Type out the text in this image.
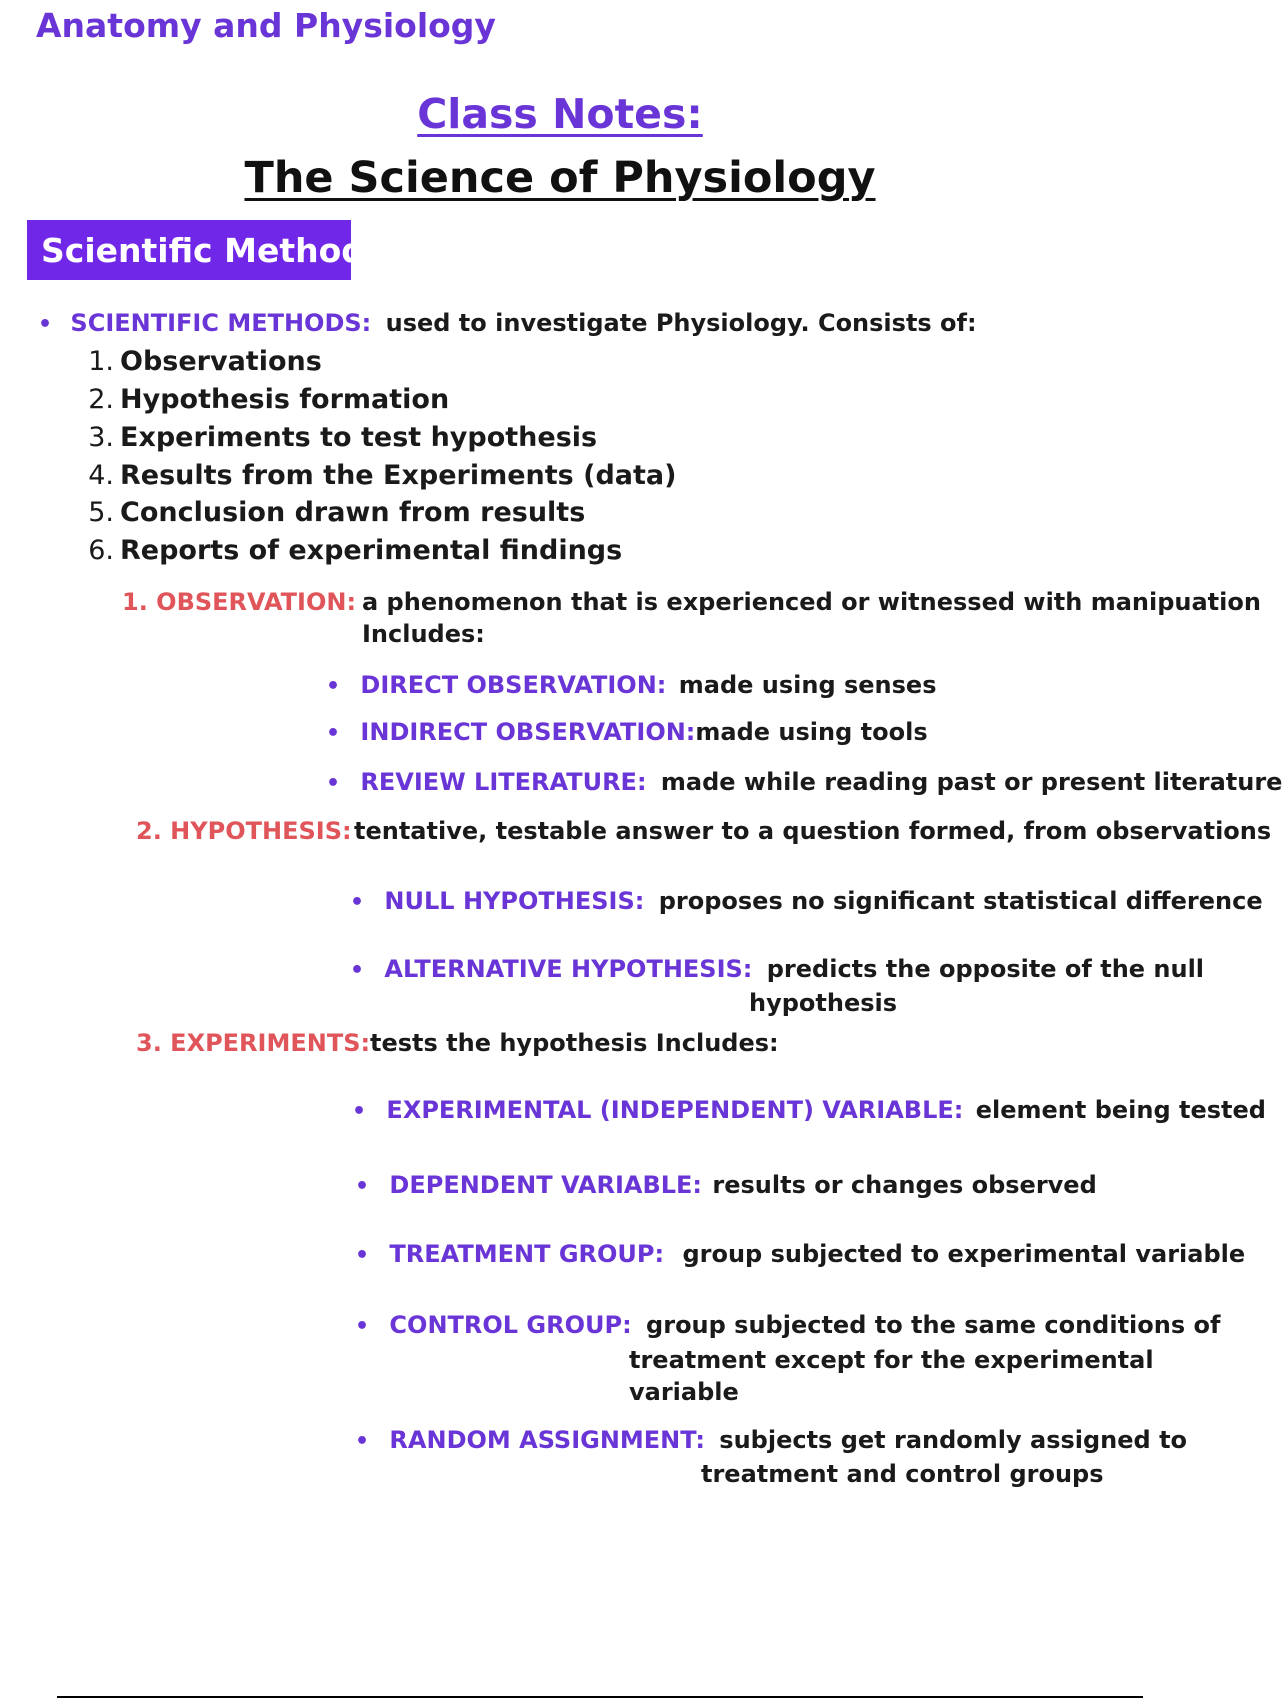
Anatomy and Physiology
Class Notes:
The Science of Physiology
Scientific Method
• SCIENTIFIC METHODS: used to investigate Physiology. Consists of:
1. Observations
2. Hypothesis formation
3. Experiments to test hypothesis
4. Results from the Experiments (data)
5. Conclusion drawn from results
6. Reports of experimental findings
1. OBSERVATION: a phenomenon that is experienced or witnessed with manipuation
Includes:
• DIRECT OBSERVATION: made using senses
• INDIRECT OBSERVATION:made using tools
• REVIEW LITERATURE: made while reading past or present literature
2. HYPOTHESIS: tentative, testable answer to a question formed, from observations
• NULL HYPOTHESIS: proposes no significant statistical difference
• ALTERNATIVE HYPOTHESIS: predicts the opposite of the null
hypothesis
3. EXPERIMENTS: tests the hypothesis Includes:
• EXPERIMENTAL (INDEPENDENT) VARIABLE: element being tested
• DEPENDENT VARIABLE: results or changes observed
• TREATMENT GROUP: group subjected to experimental variable
• CONTROL GROUP: group subjected to the same conditions of
treatment except for the experimental
variable
• RANDOM ASSIGNMENT: subjects get randomly assigned to
treatment and control groups
